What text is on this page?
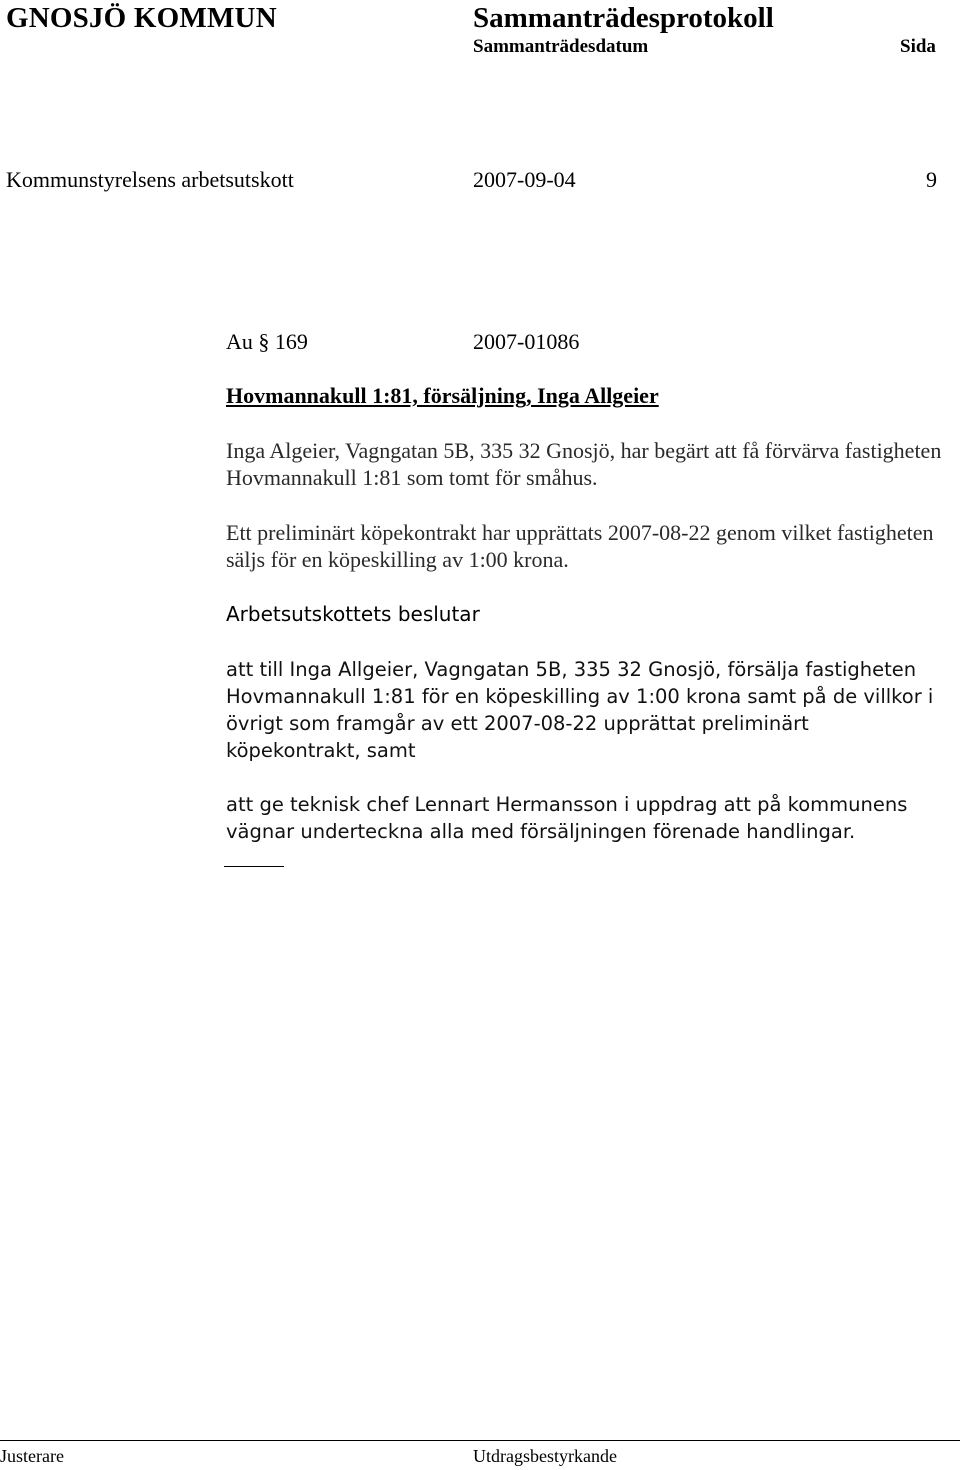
GNOSJÖ KOMMUN	Sammanträdesprotokoll
Sammanträdesdatum	Sida
Kommunstyrelsens arbetsutskott	2007-09-04	9
Au § 169	2007-01086
Hovmannakull 1:81, försäljning, Inga Allgeier
Inga Algeier, Vagngatan 5B, 335 32 Gnosjö, har begärt att få förvärva fastigheten Hovmannakull 1:81 som tomt för småhus.
Ett preliminärt köpekontrakt har upprättats 2007-08-22 genom vilket fastigheten säljs för en köpeskilling av 1:00 krona.
Arbetsutskottets beslutar
att till Inga Allgeier, Vagngatan 5B, 335 32 Gnosjö, försälja fastigheten Hovmannakull 1:81 för en köpeskilling av 1:00 krona samt på de villkor i övrigt som framgår av ett 2007-08-22 upprättat preliminärt köpekontrakt, samt
att ge teknisk chef Lennart Hermansson i uppdrag att på kommunens vägnar underteckna alla med försäljningen förenade handlingar.
Justerare	Utdragsbestyrkande
